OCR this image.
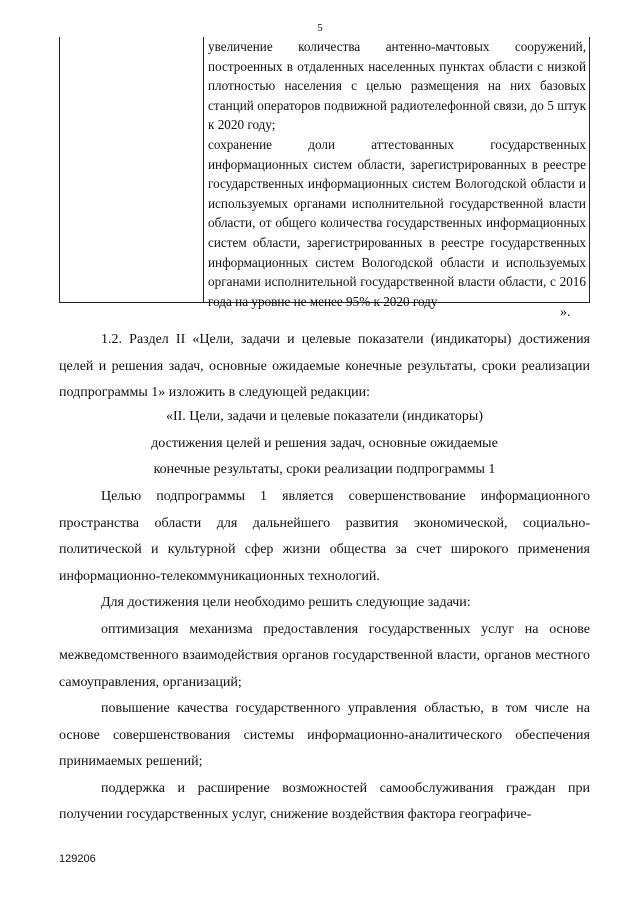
5
увеличение количества антенно-мачтовых сооружений, построенных в отдаленных населенных пунктах области с низкой плотностью населения с целью размещения на них базовых станций операторов подвижной радиотелефонной связи, до 5 штук к 2020 году;
сохранение доли аттестованных государственных информационных систем области, зарегистрированных в реестре государственных информационных систем Вологодской области и используемых органами исполнительной государственной власти области, от общего количества государственных информационных систем области, зарегистрированных в реестре государственных информационных систем Вологодской области и используемых органами исполнительной государственной власти области, с 2016 года на уровне не менее 95% к 2020 году
».

1.2. Раздел II «Цели, задачи и целевые показатели (индикаторы) достижения целей и решения задач, основные ожидаемые конечные результаты, сроки реализации подпрограммы 1» изложить в следующей редакции:

«II. Цели, задачи и целевые показатели (индикаторы)
достижения целей и решения задач, основные ожидаемые
конечные результаты, сроки реализации подпрограммы 1

Целью подпрограммы 1 является совершенствование информационного пространства области для дальнейшего развития экономической, социально-политической и культурной сфер жизни общества за счет широкого применения информационно-телекоммуникационных технологий.

Для достижения цели необходимо решить следующие задачи:

оптимизация механизма предоставления государственных услуг на основе межведомственного взаимодействия органов государственной власти, органов местного самоуправления, организаций;

повышение качества государственного управления областью, в том числе на основе совершенствования системы информационно-аналитического обеспечения принимаемых решений;

поддержка и расширение возможностей самообслуживания граждан при получении государственных услуг, снижение воздействия фактора географиче-

129206
